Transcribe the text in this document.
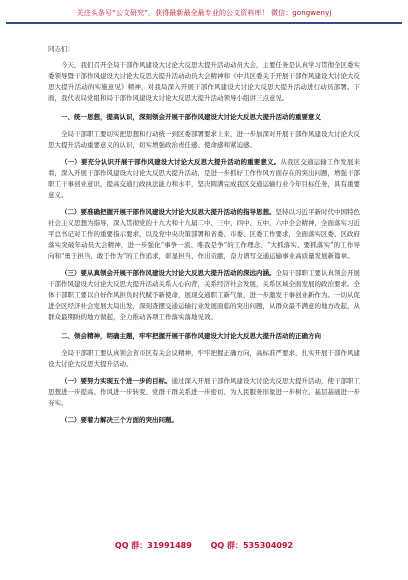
关注头条号“公文研究”，获得最新最全最专业的公文资料库！ 微信：gongwenyj

同志们：

今天，我们召开全局干部作风建设大讨论大反思大提升活动动员大会，主要任务是认真学习贯彻全区委实委领导暨干部作风建设大讨论大反思大提升活动动员大会精神和《中共区委关于开展干部作风建设大讨论大反思大提升活动的实施意见》精神，对我局深入开展干部作风建设大讨论大反思大提升活动进行动员部署。下面，我代表局党组和局干部作风建设大讨论大反思大提升活动领导小组讲三点意见。

一、统一思想，提高认识，深刻领会开展干部作风建设大讨论大反思大提升活动的重要意义

全局干部职工要切实把思想和行动统一到区委部署要求上来，进一步加深对开展干部作风建设大讨论大反思大提升活动重要意义的认识，切实增强政治责任感、使命感和紧迫感。

（一）要充分认识开展干部作风建设大讨论大反思大提升活动的重要意义。从我区交通运输工作发展来看，深入开展干部作风建设大讨论大反思大提升活动，是进一步抓好工作作风方面存在的突出问题，增强干部职工干事创业意识，提高交通行政执法能力和水平，坚决圆满完成我区交通运输行业今年目标任务，具有重要意义。

（二）要准确把握开展干部作风建设大讨论大反思大提升活动的指导思想。坚持以习近平新时代中国特色社会主义思想为指导，深入贯彻党的十九大和十九届二中、三中、四中、五中、六中全会精神，全面落实习近平总书记对工作的重要指示要求，以及党中央决策部署和省委、市委、区委工作要求，全面落实区委、区政府落实突破年动员大会精神，进一步强化“事争一流、唯我是争”的工作理念、“大抓落实、要抓落实”的工作导向和“勇于担当、敢于作为”的工作追求，彰显担当、作出贡献，奋力谱写交通运输事业高质量发展新篇章。

（三）要从真领会开展干部作风建设大讨论大反思大提升活动的深远内涵。全局干部职工要认真领会开展干部作风建设大讨论大反思大提升活动关系人心向背，关系经济社会发展，关系区域全面发展的政治要求。全体干部职工要以自好作风担负时代赋予新使命，展现交通职工新气象，进一步激发干事创业新作为。一切从促进全区经济社会发展大局出发，深刻查摆交通运输行业发展面临的突出问题，从群众最不满意的地方改起，从群众最期盼的地方做起，全力推动各项工作落实落地见效。

二、领会精神，明确主题，牢牢把握开展干部作风建设大讨论大反思大提升活动的正确方向

全局干部职工要认真领会省市区有关会议精神，牢牢把握正确方向，高标准严要求，扎实开展干部作风建设大讨论大反思大提升活动。

（一）要努力实现五个进一步的目标。通过深入开展干部作风建设大讨论大反思大提升活动，使干部职工思想进一步提高、作风进一步转变、党群干群关系进一步密切、为人民服务形象进一步树立、基层基础进一步夯实。

（二）要着力解决三个方面的突出问题。

QQ 群：31991489 QQ 群：535304092
